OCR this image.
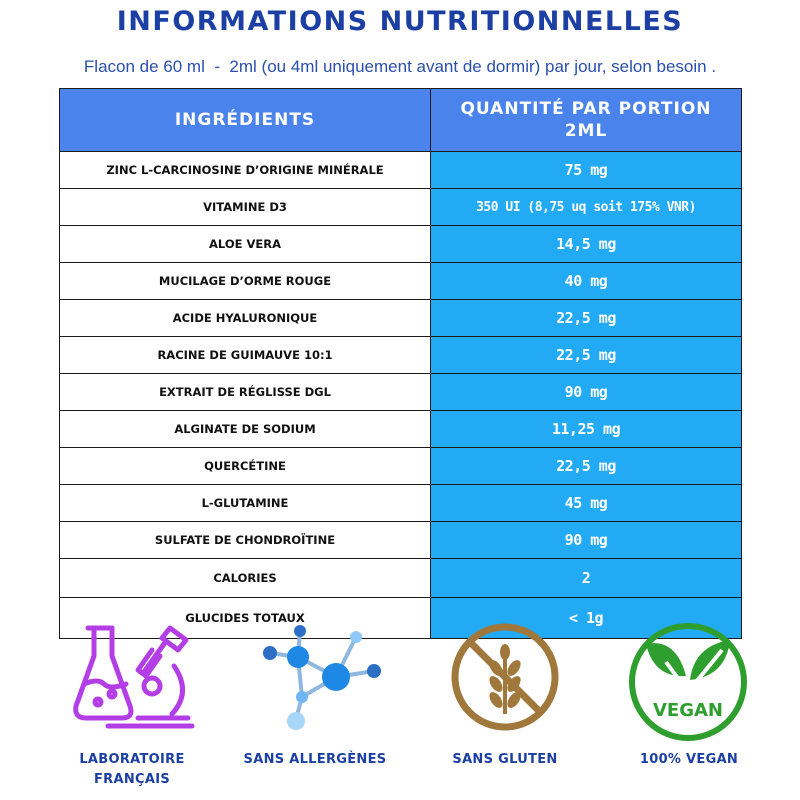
INFORMATIONS NUTRITIONNELLES
Flacon de 60 ml  -  2ml (ou 4ml uniquement avant de dormir) par jour, selon besoin .
INGRÉDIENTS
QUANTITÉ PAR PORTION
2ML
ZINC L-CARCINOSINE D’ORIGINE MINÉRALE	75 mg
VITAMINE D3	350 UI (8,75 uq soit 175% VNR)
ALOE VERA	14,5 mg
MUCILAGE D’ORME ROUGE	40 mg
ACIDE HYALURONIQUE	22,5 mg
RACINE DE GUIMAUVE 10:1	22,5 mg
EXTRAIT DE RÉGLISSE DGL	90 mg
ALGINATE DE SODIUM	11,25 mg
QUERCÉTINE	22,5 mg
L-GLUTAMINE	45 mg
SULFATE DE CHONDROÏTINE	90 mg
CALORIES	2
GLUCIDES TOTAUX	< 1g
LABORATOIRE
FRANÇAIS
SANS ALLERGÈNES	SANS GLUTEN
VEGAN
100% VEGAN
